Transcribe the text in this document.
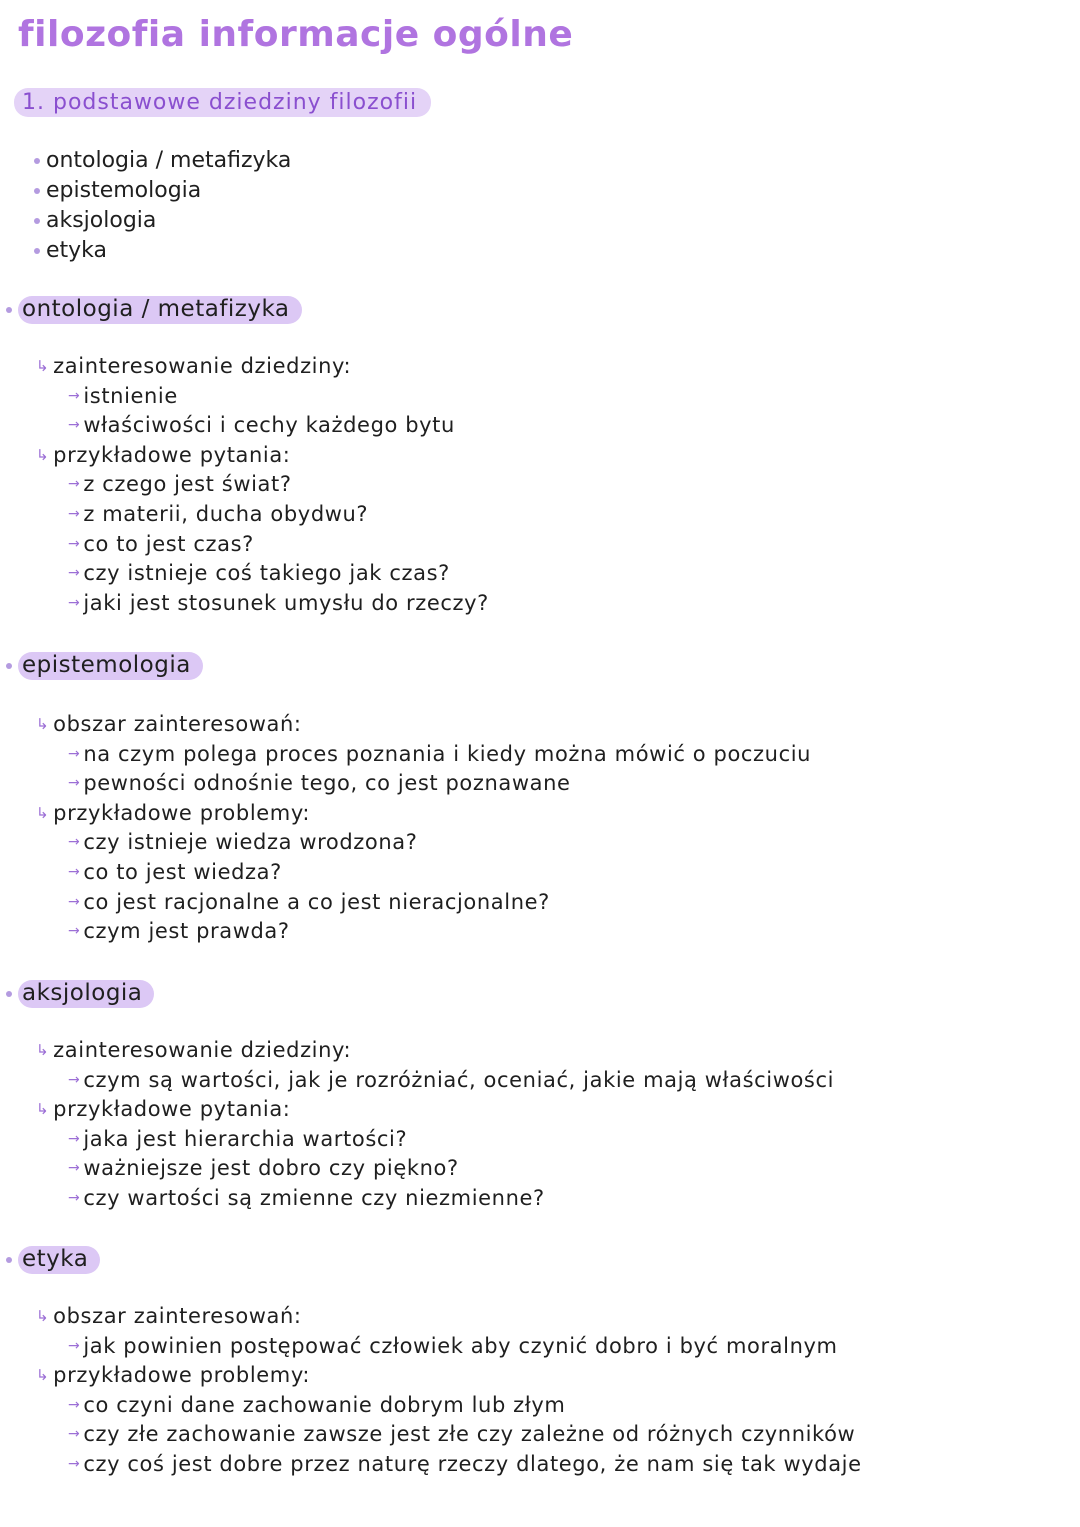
filozofia informacje ogólne
1. podstawowe dziedziny filozofii
ontologia / metafizyka
epistemologia
aksjologia
etyka
ontologia / metafizyka
↳ zainteresowanie dziedziny:
→ istnienie
→ właściwości i cechy każdego bytu
↳ przykładowe pytania:
→ z czego jest świat?
→ z materii, ducha obydwu?
→ co to jest czas?
→ czy istnieje coś takiego jak czas?
→ jaki jest stosunek umysłu do rzeczy?
epistemologia
↳ obszar zainteresowań:
→ na czym polega proces poznania i kiedy można mówić o poczuciu
→ pewności odnośnie tego, co jest poznawane
↳ przykładowe problemy:
→ czy istnieje wiedza wrodzona?
→ co to jest wiedza?
→ co jest racjonalne a co jest nieracjonalne?
→ czym jest prawda?
aksjologia
↳ zainteresowanie dziedziny:
→ czym są wartości, jak je rozróżniać, oceniać, jakie mają właściwości
↳ przykładowe pytania:
→ jaka jest hierarchia wartości?
→ ważniejsze jest dobro czy piękno?
→ czy wartości są zmienne czy niezmienne?
etyka
↳ obszar zainteresowań:
→ jak powinien postępować człowiek aby czynić dobro i być moralnym
↳ przykładowe problemy:
→ co czyni dane zachowanie dobrym lub złym
→ czy złe zachowanie zawsze jest złe czy zależne od różnych czynników
→ czy coś jest dobre przez naturę rzeczy dlatego, że nam się tak wydaje
